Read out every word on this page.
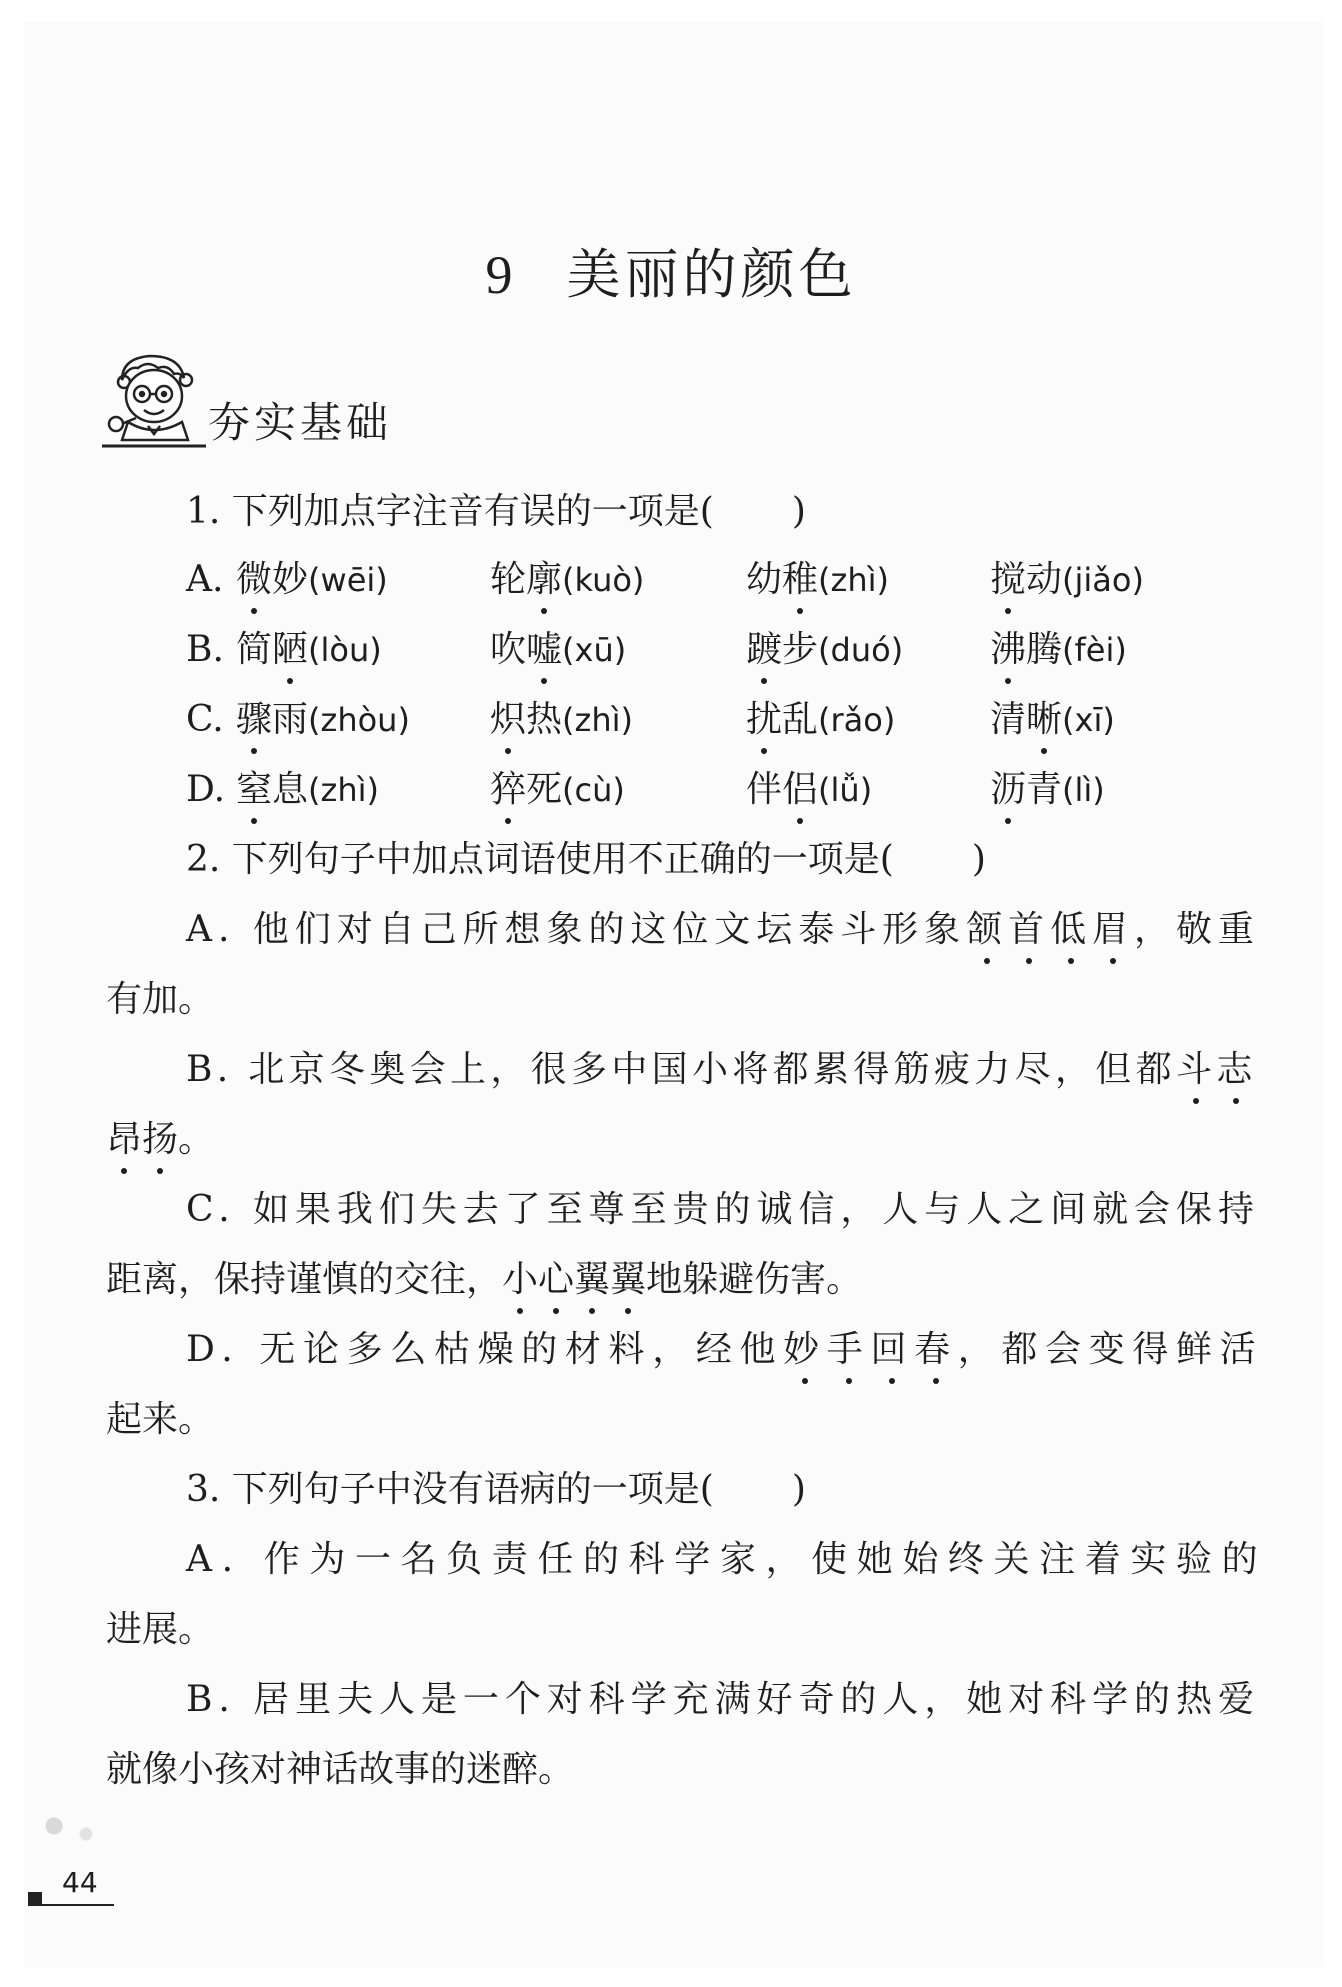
9 美丽的颜色
夯实基础
1. 下列加点字注音有误的一项是( )
A. 微妙(wēi)	轮廓(kuò)	幼稚(zhì)	搅动(jiǎo)
B. 简陋(lòu)	吹嘘(xū)	踱步(duó) 沸腾(fèi)
C. 骤雨(zhòu) 炽热(zhì)	扰乱(rǎo)	清晰(xī)
D. 窒息(zhì)	猝死(cù)	伴侣(lǚ)	沥青(lì)
2. 下列句子中加点词语使用不正确的一项是( )
A. 他们对自己所想象的这位文坛泰斗形象颔首低眉，敬重
有加。
B. 北京冬奥会上，很多中国小将都累得筋疲力尽，但都斗志
昂扬。
C. 如果我们失去了至尊至贵的诚信，人与人之间就会保持
距离，保持谨慎的交往，小心翼翼地躲避伤害。
D. 无论多么枯燥的材料，经他妙手回春，都会变得鲜活
起来。
3. 下列句子中没有语病的一项是( )
A. 作为一名负责任的科学家，使她始终关注着实验的
进展。
B. 居里夫人是一个对科学充满好奇的人，她对科学的热爱
就像小孩对神话故事的迷醉。
44
